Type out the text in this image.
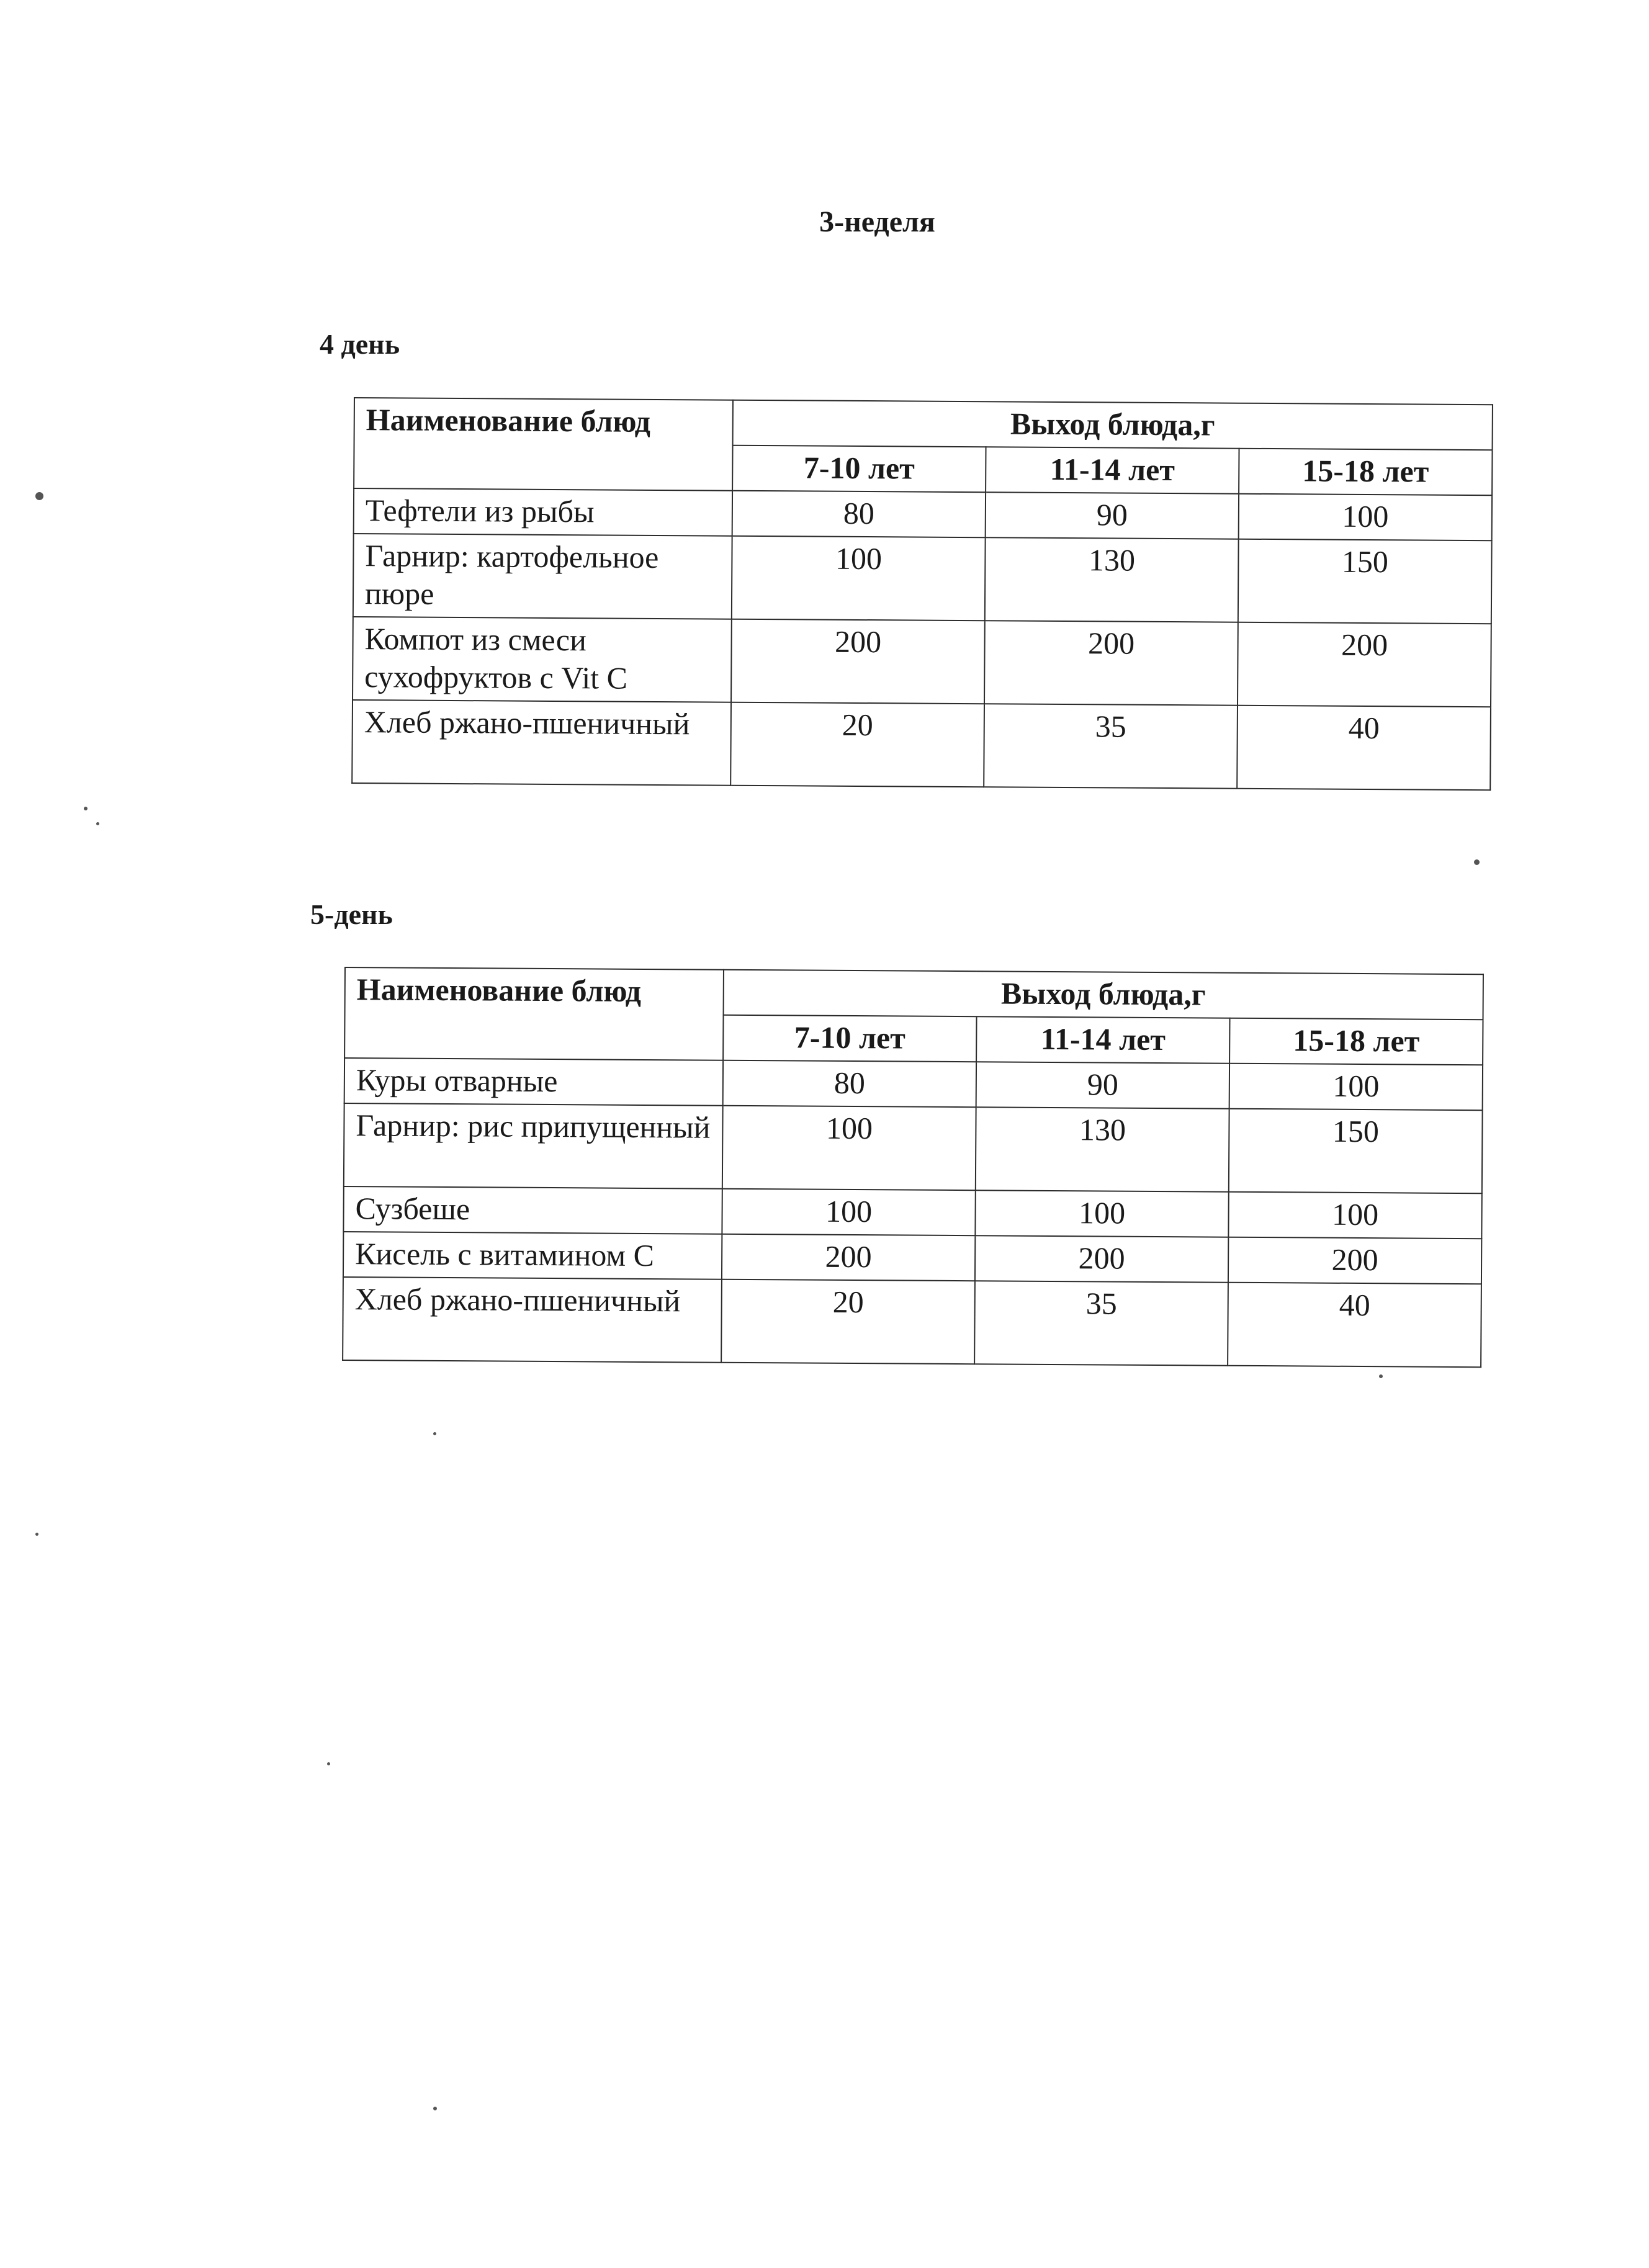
3-неделя
4 день
Наименование блюд	Выход блюда,г		
	7-10 лет	11-14 лет	15-18 лет
Тефтели из рыбы	80	90	100
Гарнир: картофельное пюре	100	130	150
Компот из смеси сухофруктов с Vit C	200	200	200
Хлеб ржано-пшеничный	20	35	40
5-день
Наименование блюд	Выход блюда,г		
	7-10 лет	11-14 лет	15-18 лет
Куры отварные	80	90	100
Гарнир: рис припущенный	100	130	150
Сузбеше	100	100	100
Кисель с витамином С	200	200	200
Хлеб ржано-пшеничный	20	35	40
